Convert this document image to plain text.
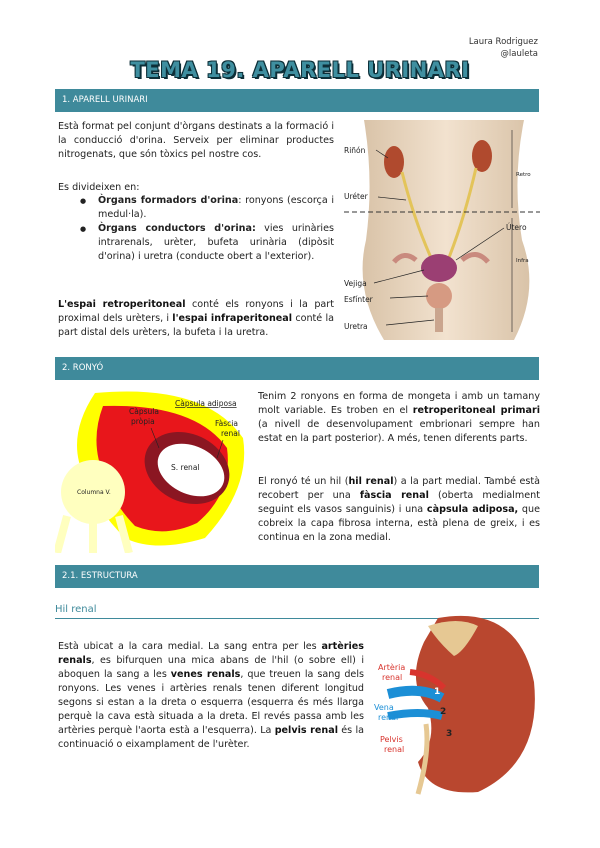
Laura Rodriguez
@lauleta
TEMA 19. APARELL URINARI
1. APARELL URINARI
Està format pel conjunt d'òrgans destinats a la formació i la conducció d'orina. Serveix per eliminar productes nitrogenats, que són tòxics pel nostre cos.
Es divideixen en:
● Òrgans formadors d'orina: ronyons (escorça i medul·la).
● Òrgans conductors d'orina: vies urinàries intrarenals, urèter, bufeta urinària (dipòsit d'orina) i uretra (conducte obert a l'exterior).
L'espai retroperitoneal conté els ronyons i la part proximal dels urèters, i l'espai infraperitoneal conté la part distal dels urèters, la bufeta i la uretra.
Riñón
Uréter
Útero
Vejiga
Esfínter
Uretra
Retro
Infra
2. RONYÓ
Columna V.
S. renal
Càpsula adiposa
Càpsula
pròpia	Fàscia
renal
Tenim 2 ronyons en forma de mongeta i amb un tamany molt variable. Es troben en el retroperitoneal primari (a nivell de desenvolupament embrionari sempre han estat en la part posterior). A més, tenen diferents parts.
El ronyó té un hil (hil renal) a la part medial. També està recobert per una fàscia renal (oberta medialment seguint els vasos sanguinis) i una càpsula adiposa, que cobreix la capa fibrosa interna, està plena de greix, i es continua en la zona medial.
2.1. ESTRUCTURA
Hil renal
Està ubicat a la cara medial. La sang entra per les artèries renals, es bifurquen una mica abans de l'hil (o sobre ell) i aboquen la sang a les venes renals, que treuen la sang dels ronyons. Les venes i artèries renals tenen diferent longitud segons si estan a la dreta o esquerra (esquerra és més llarga perquè la cava està situada a la dreta. El revés passa amb les artèries perquè l'aorta està a l'esquerra). La pelvis renal és la continuació o eixamplament de l'urèter.
Artèria
renal
Vena
renal
Pelvis
renal
1
2
3
